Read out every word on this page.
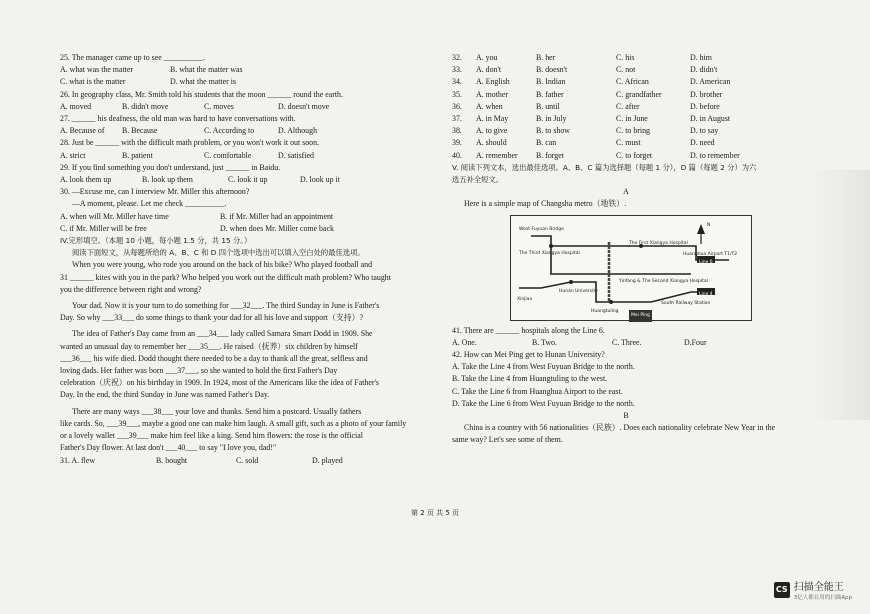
25. The manager came up to see __________.
A. what was the matter	B. what the matter was
C. what is the matter	D. what the matter is
26. In geography class, Mr. Smith told his students that the moon ______ round the earth.
A. moved	B. didn't move	C. moves	D. doesn't move
27. ______ his deafness, the old man was hard to have conversations with.
A. Because of	B. Because	C. According to	D. Although
28. Just be ______ with the difficult math problem, or you won't work it out soon.
A. strict	B. patient	C. comfortable	D. satisfied
29. If you find something you don't understand, just ______ in Baidu.
A. look them up	B. look up them	C. look it up	D. look up it
30. —Excuse me, can I interview Mr. Miller this afternoon?
—A moment, please. Let me check __________.
A. when will Mr. Miller have time	B. if Mr. Miller had an appointment
C. if Mr. Miller will be free	D. when does Mr. Miller come back
IV.完形填空。（本题 10 小题，每小题 1.5 分，共 15 分。）
阅读下面短文，从每题所给的 A、B、C 和 D 四个选项中选出可以填入空白处的最佳选项。
When you were young, who rode you around on the back of his bike? Who played football and
31 ______ kites with you in the park? Who helped you work out the difficult math problem? Who taught
you the difference between right and wrong?
Your dad. Now it is your turn to do something for ___32___. The third Sunday in June is Father's
Day. So why ___33___ do some things to thank your dad for all his love and support（支持）?
The idea of Father's Day came from an ___34___ lady called Samara Smart Dodd in 1909. She
wanted an unusual day to remember her ___35___. He raised（抚养）six children by himself
___36___ his wife died. Dodd thought there needed to be a day to thank all the great, selfless and
loving dads. Her father was born ___37___, so she wanted to hold the first Father's Day
celebration（庆祝）on his birthday in 1909. In 1924, most of the Americans like the idea of Father's
Day. In the end, the third Sunday in June was named Father's Day.
There are many ways ___38___ your love and thanks. Send him a postcard. Usually fathers
like cards. So, ___39___, maybe a good one can make him laugh. A small gift, such as a photo of your family
or a lovely wallet ___39___ make him feel like a king. Send him flowers: the rose is the official
Father's Day flower. At last don't ___40___ to say "I love you, dad!"
31. A. flew	B. bought	C. sold	D. played
32.	A. you	B. her	C. his	D. him
33.	A. don't	B. doesn't	C. not	D. didn't
34.	A. English	B. Indian	C. African	D. American
35.	A. mother	B. father	C. grandfather	D. brother
36.	A. when	B. until	C. after	D. before
37.	A. in May	B. in July	C. in June	D. in August
38.	A. to give	B. to show	C. to bring	D. to say
39.	A. should	B. can	C. must	D. need
40.	A. remember	B. forget	C. to forget	D. to remember
V. 阅读下列文本，选出最佳选项。A、B、C 篇为选择题（每题 1 分），D 篇（每题 2 分）为六
选五补全短文。
A
Here is a simple map of Changsha metro（地铁）.
West Fuyuan Bridge
The Third Xiangya Hospital
The First Xiangya Hospital
Huanghua Airport T1/T2
Line 6
Hunan University
Yinfang & The Second Xiangya Hospital
Xinjiao
Huangtuling
South Railway Station
Line 4
Mei Ping
N
41. There are ______ hospitals along the Line 6.
A. One.	B. Two.	C. Three.	D.Four
42. How can Mei Ping get to Hunan University?
A. Take the Line 4 from West Fuyuan Bridge to the north.
B. Take the Line 4 from Huangtuling to the west.
C. Take the Line 6 from Huanghua Airport to the east.
D. Take the Line 6 from West Fuyuan Bridge to the north.
B
China is a country with 56 nationalities（民族）. Does each nationality celebrate New Year in the
same way? Let's see some of them.
第 2 页 共 5 页
CS 扫描全能王
3亿人都在用的扫描App
